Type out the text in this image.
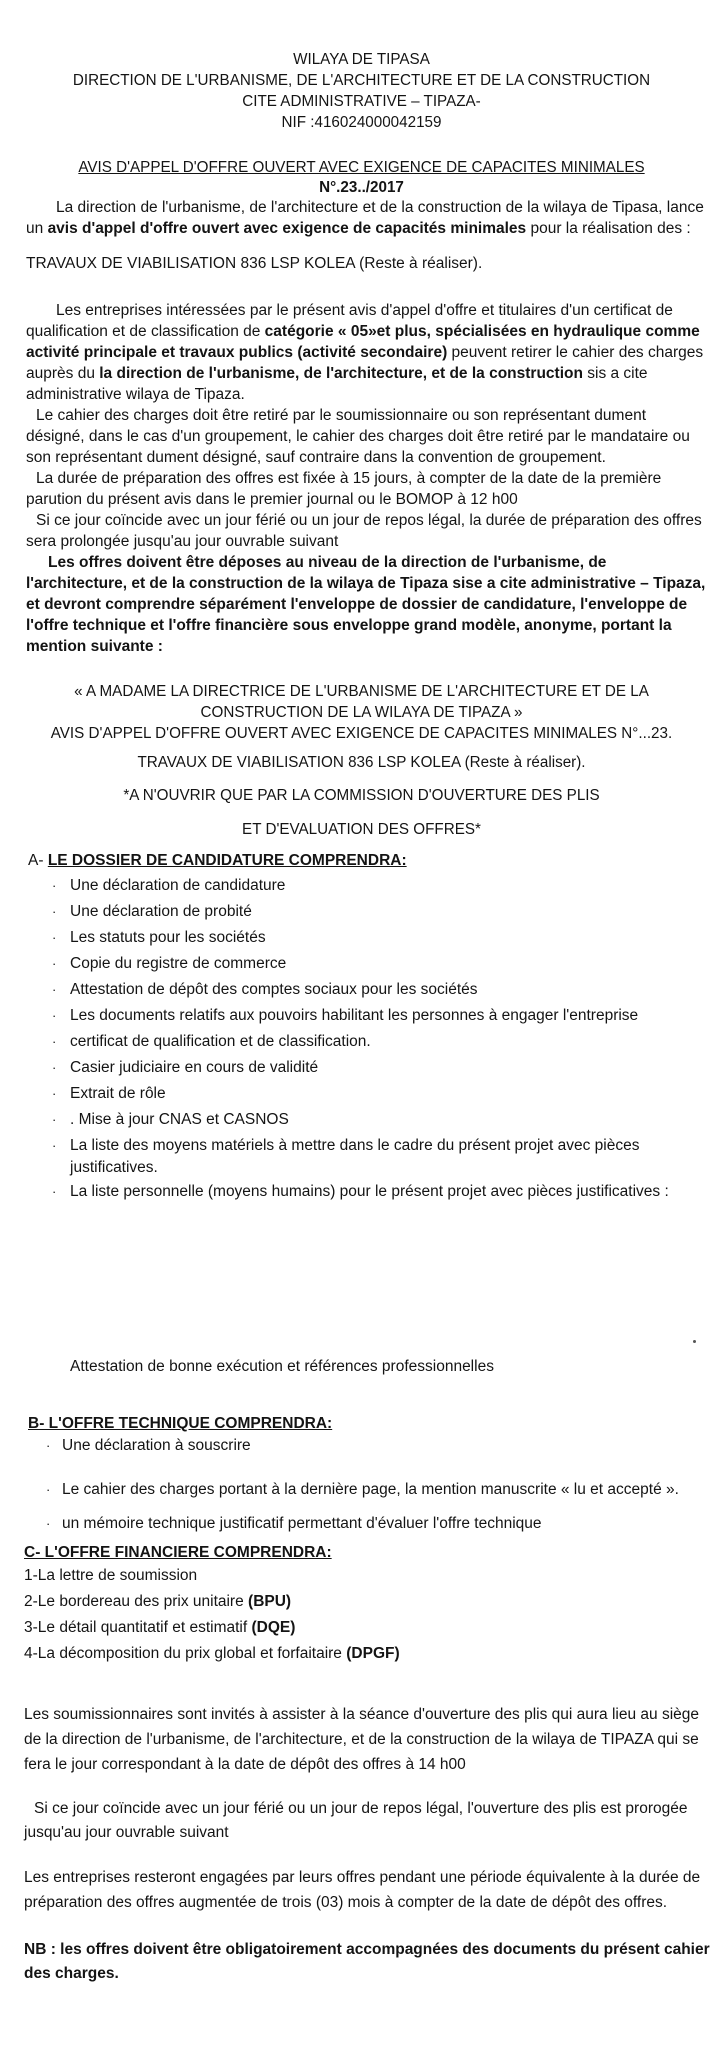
WILAYA DE TIPASA
DIRECTION DE L'URBANISME, DE L'ARCHITECTURE ET DE LA CONSTRUCTION
CITE ADMINISTRATIVE – TIPAZA-
NIF :416024000042159
AVIS D'APPEL D'OFFRE OUVERT AVEC EXIGENCE DE CAPACITES MINIMALES
N°.23../2017
La direction de l'urbanisme, de l'architecture et de la construction de la wilaya de Tipasa, lance
un avis d'appel d'offre ouvert avec exigence de capacités minimales pour la réalisation des :
TRAVAUX DE VIABILISATION 836 LSP KOLEA (Reste à réaliser).
Les entreprises intéressées par le présent avis d'appel d'offre et titulaires d'un certificat de
qualification et de classification de catégorie « 05»et plus, spécialisées en hydraulique comme
activité principale et travaux publics (activité secondaire) peuvent retirer le cahier des charges
auprès du la direction de l'urbanisme, de l'architecture, et de la construction sis a cite
administrative wilaya de Tipaza.
Le cahier des charges doit être retiré par le soumissionnaire ou son représentant dument
désigné, dans le cas d'un groupement, le cahier des charges doit être retiré par le mandataire ou
son représentant dument désigné, sauf contraire dans la convention de groupement.
La durée de préparation des offres est fixée à 15 jours, à compter de la date de la première
parution du présent avis dans le premier journal ou le BOMOP à 12 h00
Si ce jour coïncide avec un jour férié ou un jour de repos légal, la durée de préparation des offres
sera prolongée jusqu'au jour ouvrable suivant
Les offres doivent être déposes au niveau de la direction de l'urbanisme, de
l'architecture, et de la construction de la wilaya de Tipaza sise a cite administrative – Tipaza,
et devront comprendre séparément l'enveloppe de dossier de candidature, l'enveloppe de
l'offre technique et l'offre financière sous enveloppe grand modèle, anonyme, portant la
mention suivante :
« A MADAME LA DIRECTRICE DE L'URBANISME DE L'ARCHITECTURE ET DE LA
CONSTRUCTION DE LA WILAYA DE TIPAZA »
AVIS D'APPEL D'OFFRE OUVERT AVEC EXIGENCE DE CAPACITES MINIMALES N°...23.
TRAVAUX DE VIABILISATION 836 LSP KOLEA (Reste à réaliser).
*A N'OUVRIR QUE PAR LA COMMISSION D'OUVERTURE DES PLIS
ET D'EVALUATION DES OFFRES*
A- LE DOSSIER DE CANDIDATURE COMPRENDRA:
· Une déclaration de candidature
· Une déclaration de probité
· Les statuts pour les sociétés
· Copie du registre de commerce
· Attestation de dépôt des comptes sociaux pour les sociétés
· Les documents relatifs aux pouvoirs habilitant les personnes à engager l'entreprise
· certificat de qualification et de classification.
· Casier judiciaire en cours de validité
· Extrait de rôle
· . Mise à jour CNAS et CASNOS
· La liste des moyens matériels à mettre dans le cadre du présent projet avec pièces
justificatives.
· La liste personnelle (moyens humains) pour le présent projet avec pièces justificatives :
Attestation de bonne exécution et références professionnelles
B- L'OFFRE TECHNIQUE COMPRENDRA:
· Une déclaration à souscrire
· Le cahier des charges portant à la dernière page, la mention manuscrite « lu et accepté ».
· un mémoire technique justificatif permettant d'évaluer l'offre technique
C- L'OFFRE FINANCIERE COMPRENDRA:
1-La lettre de soumission
2-Le bordereau des prix unitaire (BPU)
3-Le détail quantitatif et estimatif (DQE)
4-La décomposition du prix global et forfaitaire (DPGF)
Les soumissionnaires sont invités à assister à la séance d'ouverture des plis qui aura lieu au siège
de la direction de l'urbanisme, de l'architecture, et de la construction de la wilaya de TIPAZA qui se
fera le jour correspondant à la date de dépôt des offres à 14 h00
Si ce jour coïncide avec un jour férié ou un jour de repos légal, l'ouverture des plis est prorogée
jusqu'au jour ouvrable suivant
Les entreprises resteront engagées par leurs offres pendant une période équivalente à la durée de
préparation des offres augmentée de trois (03) mois à compter de la date de dépôt des offres.
NB : les offres doivent être obligatoirement accompagnées des documents du présent cahier
des charges.
